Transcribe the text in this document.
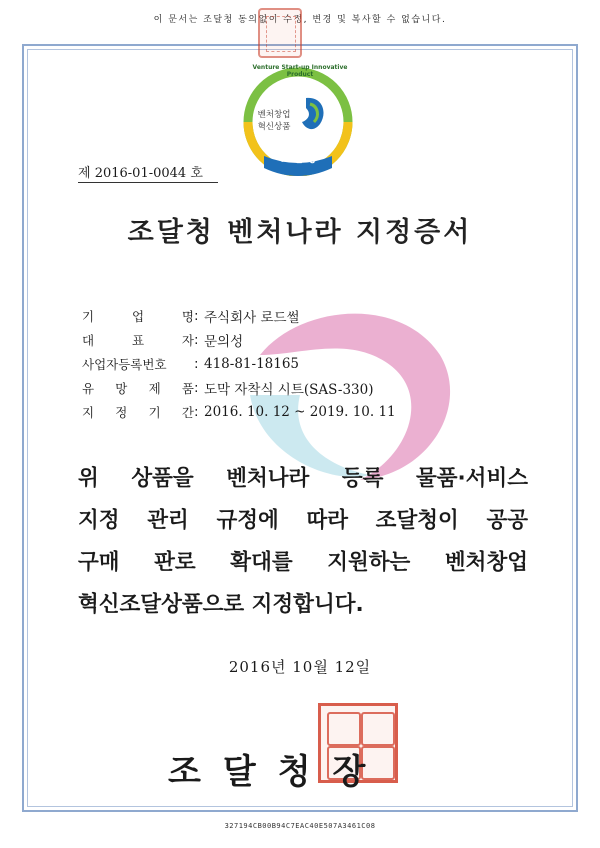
이 문서는 조달청 동의없이 수정, 변경 및 복사할 수 없습니다.
Venture Start-up Innovative Product
벤처창업
혁신상품
조달청
제 2016-01-0044 호
조달청 벤처나라 지정증서
기	업	명 : 주식회사 로드썰
대	표	자 : 문의성
사업자등록번호 : 418-81-18165
유 망 제 품 : 도막 자착식 시트(SAS-330)
지 정 기 간 : 2016. 10. 12 ~ 2019. 10. 11
위 상품을 벤처나라 등록 물품·서비스
지정 관리 규정에 따라 조달청이 공공
구매 판로 확대를 지원하는 벤처창업
혁신조달상품으로 지정합니다.
2016년 10월 12일
조달청장
327194CB00B94C7EAC40E507A3461C08
